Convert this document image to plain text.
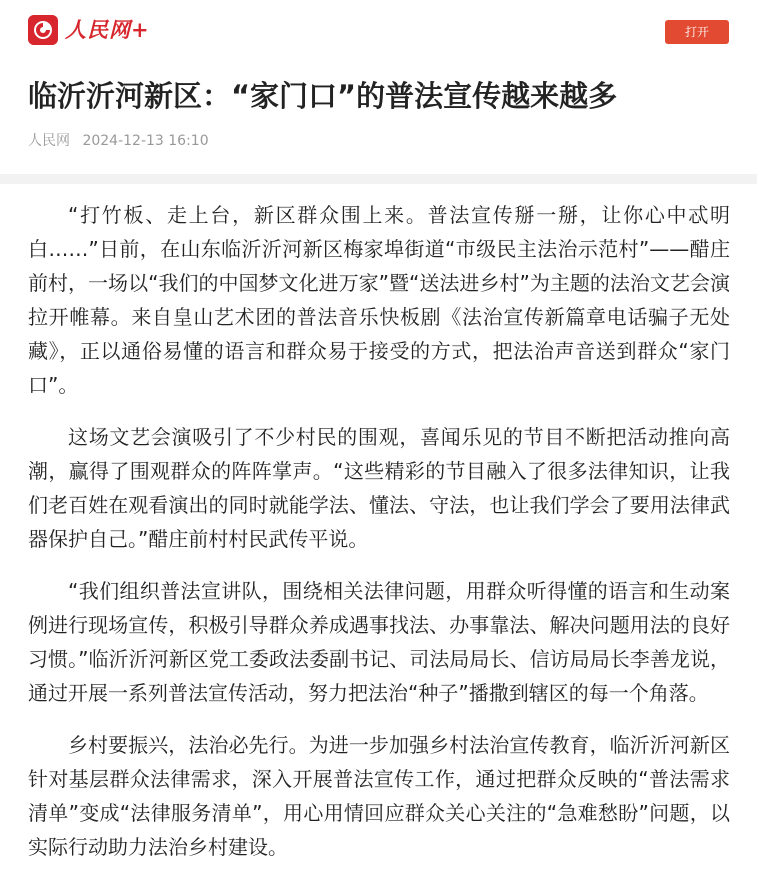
人民网+	打开
临沂沂河新区：“家门口”的普法宣传越来越多
人民网 2024-12-13 16:10

“打竹板、走上台，新区群众围上来。普法宣传掰一掰，让你心中忒明白……”日前，在山东临沂沂河新区梅家埠街道“市级民主法治示范村”——醋庄前村，一场以“我们的中国梦文化进万家”暨“送法进乡村”为主题的法治文艺会演拉开帷幕。来自皇山艺术团的普法音乐快板剧《法治宣传新篇章电话骗子无处藏》，正以通俗易懂的语言和群众易于接受的方式，把法治声音送到群众“家门口”。

这场文艺会演吸引了不少村民的围观，喜闻乐见的节目不断把活动推向高潮，赢得了围观群众的阵阵掌声。“这些精彩的节目融入了很多法律知识，让我们老百姓在观看演出的同时就能学法、懂法、守法，也让我们学会了要用法律武器保护自己。”醋庄前村村民武传平说。

“我们组织普法宣讲队，围绕相关法律问题，用群众听得懂的语言和生动案例进行现场宣传，积极引导群众养成遇事找法、办事靠法、解决问题用法的良好习惯。”临沂沂河新区党工委政法委副书记、司法局局长、信访局局长李善龙说，通过开展一系列普法宣传活动，努力把法治“种子”播撒到辖区的每一个角落。

乡村要振兴，法治必先行。为进一步加强乡村法治宣传教育，临沂沂河新区针对基层群众法律需求，深入开展普法宣传工作，通过把群众反映的“普法需求清单”变成“法律服务清单”，用心用情回应群众关心关注的“急难愁盼”问题，以实际行动助力法治乡村建设。
